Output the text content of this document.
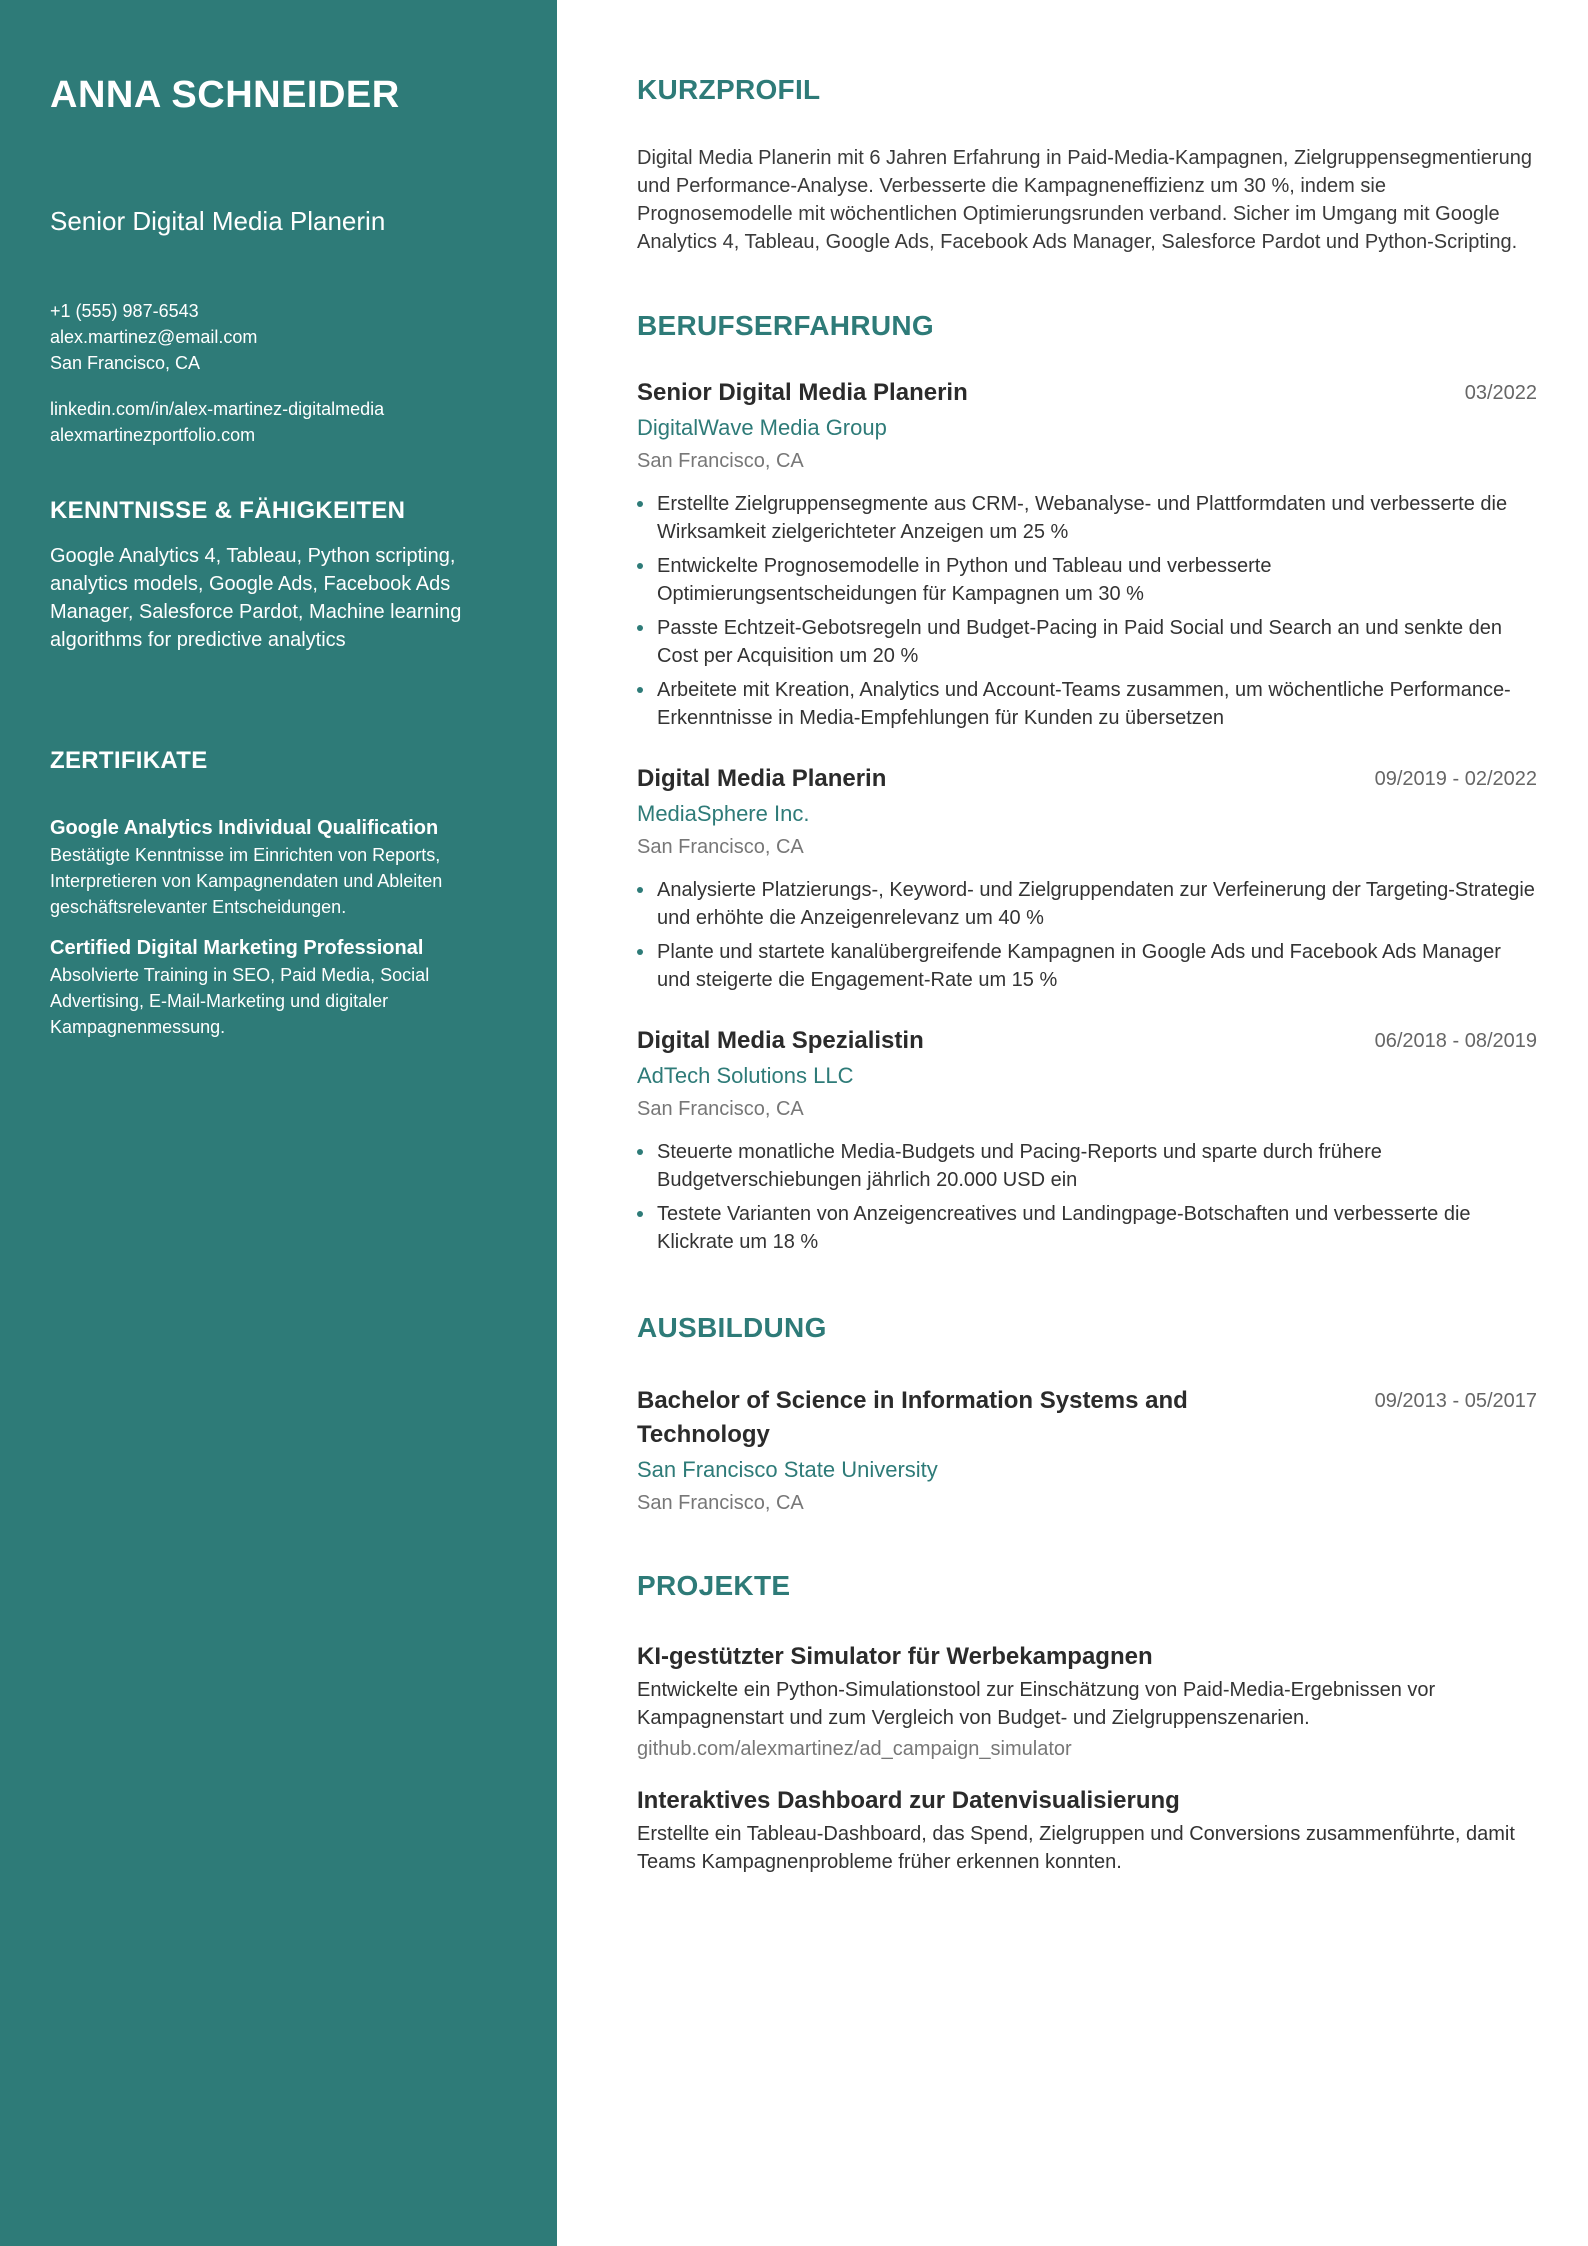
ANNA SCHNEIDER
Senior Digital Media Planerin
+1 (555) 987-6543
alex.martinez@email.com
San Francisco, CA
linkedin.com/in/alex-martinez-digitalmedia
alexmartinezportfolio.com
KENNTNISSE & FÄHIGKEITEN
Google Analytics 4, Tableau, Python scripting, analytics models, Google Ads, Facebook Ads Manager, Salesforce Pardot, Machine learning algorithms for predictive analytics
ZERTIFIKATE
Google Analytics Individual Qualification
Bestätigte Kenntnisse im Einrichten von Reports, Interpretieren von Kampagnendaten und Ableiten geschäftsrelevanter Entscheidungen.
Certified Digital Marketing Professional
Absolvierte Training in SEO, Paid Media, Social Advertising, E-Mail-Marketing und digitaler Kampagnenmessung.
KURZPROFIL
Digital Media Planerin mit 6 Jahren Erfahrung in Paid-Media-Kampagnen, Zielgruppensegmentierung und Performance-Analyse. Verbesserte die Kampagneneffizienz um 30 %, indem sie Prognosemodelle mit wöchentlichen Optimierungsrunden verband. Sicher im Umgang mit Google Analytics 4, Tableau, Google Ads, Facebook Ads Manager, Salesforce Pardot und Python-Scripting.
BERUFSERFAHRUNG
Senior Digital Media Planerin	03/2022
DigitalWave Media Group
San Francisco, CA
Erstellte Zielgruppensegmente aus CRM-, Webanalyse- und Plattformdaten und verbesserte die Wirksamkeit zielgerichteter Anzeigen um 25 %
Entwickelte Prognosemodelle in Python und Tableau und verbesserte Optimierungsentscheidungen für Kampagnen um 30 %
Passte Echtzeit-Gebotsregeln und Budget-Pacing in Paid Social und Search an und senkte den Cost per Acquisition um 20 %
Arbeitete mit Kreation, Analytics und Account-Teams zusammen, um wöchentliche Performance-Erkenntnisse in Media-Empfehlungen für Kunden zu übersetzen
Digital Media Planerin	09/2019 - 02/2022
MediaSphere Inc.
San Francisco, CA
Analysierte Platzierungs-, Keyword- und Zielgruppendaten zur Verfeinerung der Targeting-Strategie und erhöhte die Anzeigenrelevanz um 40 %
Plante und startete kanalübergreifende Kampagnen in Google Ads und Facebook Ads Manager und steigerte die Engagement-Rate um 15 %
Digital Media Spezialistin	06/2018 - 08/2019
AdTech Solutions LLC
San Francisco, CA
Steuerte monatliche Media-Budgets und Pacing-Reports und sparte durch frühere Budgetverschiebungen jährlich 20.000 USD ein
Testete Varianten von Anzeigencreatives und Landingpage-Botschaften und verbesserte die Klickrate um 18 %
AUSBILDUNG
Bachelor of Science in Information Systems and Technology
09/2013 - 05/2017
San Francisco State University
San Francisco, CA
PROJEKTE
KI-gestützter Simulator für Werbekampagnen
Entwickelte ein Python-Simulationstool zur Einschätzung von Paid-Media-Ergebnissen vor Kampagnenstart und zum Vergleich von Budget- und Zielgruppenszenarien.
github.com/alexmartinez/ad_campaign_simulator
Interaktives Dashboard zur Datenvisualisierung
Erstellte ein Tableau-Dashboard, das Spend, Zielgruppen und Conversions zusammenführte, damit Teams Kampagnenprobleme früher erkennen konnten.
